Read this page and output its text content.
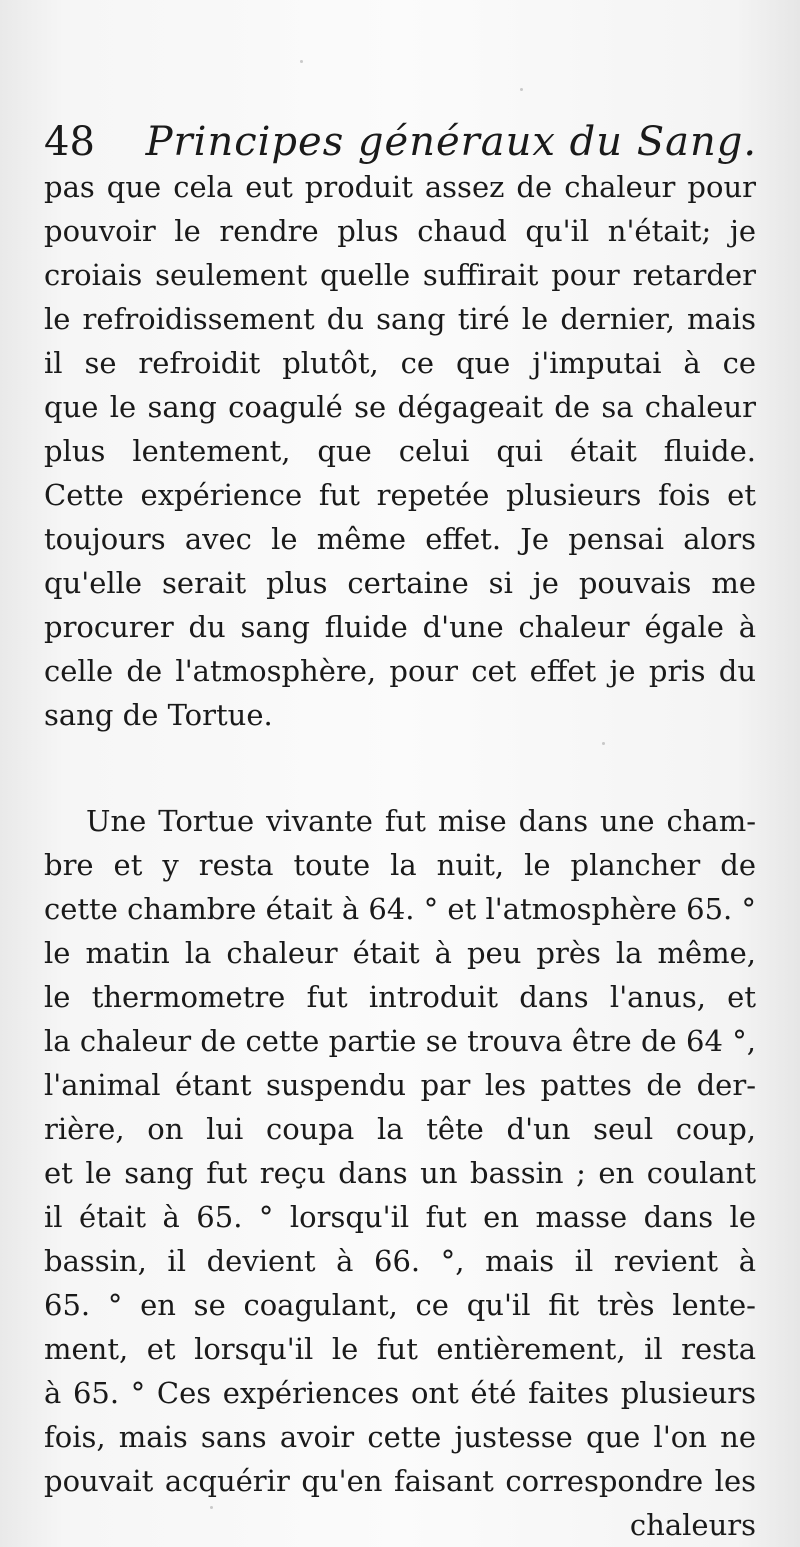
48 Principes généraux du Sang.
pas que cela eut produit assez de chaleur pour
pouvoir le rendre plus chaud qu'il n'était; je
croiais seulement quelle suffirait pour retarder
le refroidissement du sang tiré le dernier, mais
il se refroidit plutôt, ce que j'imputai à ce
que le sang coagulé se dégageait de sa chaleur
plus lentement, que celui qui était fluide.
Cette expérience fut repetée plusieurs fois et
toujours avec le même effet. Je pensai alors
qu'elle serait plus certaine si je pouvais me
procurer du sang fluide d'une chaleur égale à
celle de l'atmosphère, pour cet effet je pris du
sang de Tortue.
Une Tortue vivante fut mise dans une cham-
bre et y resta toute la nuit, le plancher de
cette chambre était à 64. ° et l'atmosphère 65. °
le matin la chaleur était à peu près la même,
le thermometre fut introduit dans l'anus, et
la chaleur de cette partie se trouva être de 64 °,
l'animal étant suspendu par les pattes de der-
rière, on lui coupa la tête d'un seul coup,
et le sang fut reçu dans un bassin ; en coulant
il était à 65. ° lorsqu'il fut en masse dans le
bassin, il devient à 66. °, mais il revient à
65. ° en se coagulant, ce qu'il fit très lente-
ment, et lorsqu'il le fut entièrement, il resta
à 65. ° Ces expériences ont été faites plusieurs
fois, mais sans avoir cette justesse que l'on ne
pouvait acquérir qu'en faisant correspondre les
chaleurs
